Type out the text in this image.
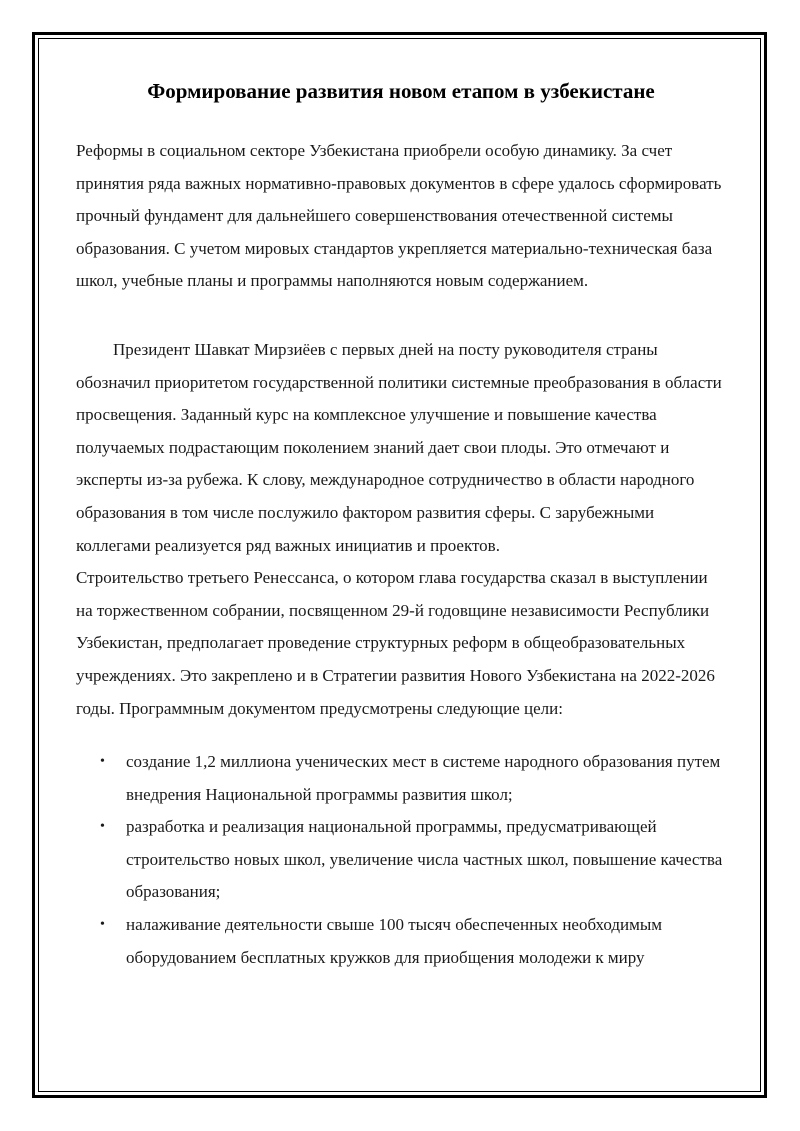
Формирование развития новом етапом в узбекистане

Реформы в социальном секторе Узбекистана приобрели особую динамику. За счет принятия ряда важных нормативно-правовых документов в сфере удалось сформировать прочный фундамент для дальнейшего совершенствования отечественной системы образования. С учетом мировых стандартов укрепляется материально-техническая база школ, учебные планы и программы наполняются новым содержанием.

Президент Шавкат Мирзиёев с первых дней на посту руководителя страны обозначил приоритетом государственной политики системные преобразования в области просвещения. Заданный курс на комплексное улучшение и повышение качества получаемых подрастающим поколением знаний дает свои плоды. Это отмечают и эксперты из-за рубежа. К слову, международное сотрудничество в области народного образования в том числе послужило фактором развития сферы. С зарубежными коллегами реализуется ряд важных инициатив и проектов.

Строительство третьего Ренессанса, о котором глава государства сказал в выступлении на торжественном собрании, посвященном 29-й годовщине независимости Республики Узбекистан, предполагает проведение структурных реформ в общеобразовательных учреждениях. Это закреплено и в Стратегии развития Нового Узбекистана на 2022-2026 годы. Программным документом предусмотрены следующие цели:

• создание 1,2 миллиона ученических мест в системе народного образования путем внедрения Национальной программы развития школ;
• разработка и реализация национальной программы, предусматривающей строительство новых школ, увеличение числа частных школ, повышение качества образования;
• налаживание деятельности свыше 100 тысяч обеспеченных необходимым оборудованием бесплатных кружков для приобщения молодежи к миру
